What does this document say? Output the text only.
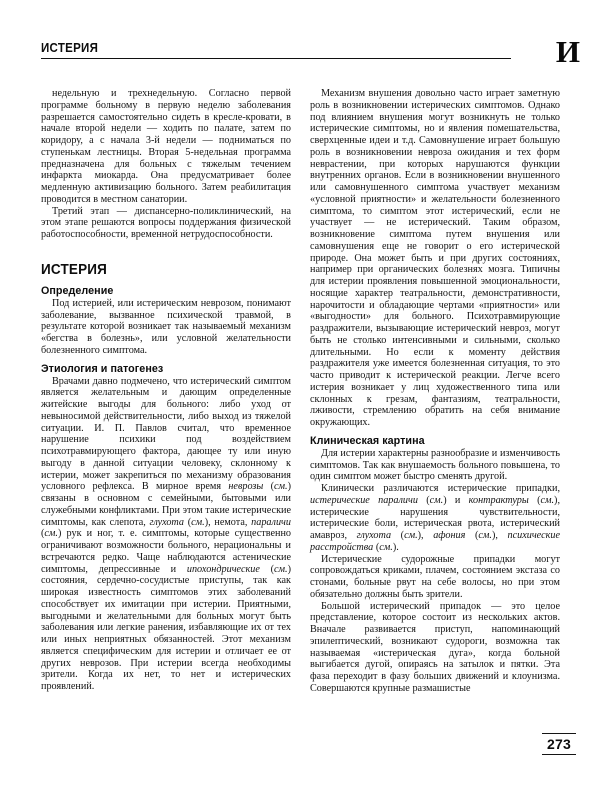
ИСТЕРИЯ	И

недельную и трехнедельную. Согласно первой программе больному в первую неделю заболевания разрешается самостоятельно сидеть в кресле-кровати, в начале второй недели — ходить по палате, затем по коридору, а с начала 3-й недели — подниматься по ступенькам лестницы. Вторая 5-недельная программа предназначена для больных с тяжелым течением инфаркта миокарда. Она предусматривает более медленную активизацию больного. Затем реабилитация проводится в местном санатории.

Третий этап — диспансерно-поликлинический, на этом этапе решаются вопросы поддержания физической работоспособности, временной нетрудоспособности.

ИСТЕРИЯ
Определение

Под истерией, или истерическим неврозом, понимают заболевание, вызванное психической травмой, в результате которой возникает так называемый механизм «бегства в болезнь», или условной желательности болезненного симптома.

Этиология и патогенез

Врачами давно подмечено, что истерический симптом является желательным и дающим определенные житейские выгоды для больного: либо уход от невыносимой действительности, либо выход из тяжелой ситуации. И. П. Павлов считал, что временное нарушение психики под воздействием психотравмирующего фактора, дающее ту или иную выгоду в данной ситуации человеку, склонному к истерии, может закрепиться по механизму образования условного рефлекса. В мирное время неврозы (см.) связаны в основном с семейными, бытовыми или служебными конфликтами. При этом такие истерические симптомы, как слепота, глухота (см.), немота, параличи (см.) рук и ног, т. е. симптомы, которые существенно ограничивают возможности больного, нерациональны и встречаются редко. Чаще наблюдаются астенические симптомы, депрессивные и ипохондрические (см.) состояния, сердечно-сосудистые приступы, так как широкая известность симптомов этих заболеваний способствует их имитации при истерии. Приятными, выгодными и желательными для больных могут быть заболевания или легкие ранения, избавляющие их от тех или иных неприятных обязанностей. Этот механизм является специфическим для истерии и отличает ее от других неврозов. При истерии всегда необходимы зрители. Когда их нет, то нет и истерических проявлений.

Механизм внушения довольно часто играет заметную роль в возникновении истерических симптомов. Однако под влиянием внушения могут возникнуть не только истерические симптомы, но и явления помешательства, сверхценные идеи и т.д. Самовнушение играет большую роль в возникновении невроза ожидания и тех форм неврастении, при которых нарушаются функции внутренних органов. Если в возникновении внушенного или самовнушенного симптома участвует механизм «условной приятности» и желательности болезненного симптома, то симптом этот истерический, если не участвует — не истерический. Таким образом, возникновение симптома путем внушения или самовнушения еще не говорит о его истерической природе. Она может быть и при других состояниях, например при органических болезнях мозга. Типичны для истерии проявления повышенной эмоциональности, носящие характер театральности, демонстративности, нарочитости и обладающие чертами «приятности» или «выгодности» для больного. Психотравмирующие раздражители, вызывающие истерический невроз, могут быть не столько интенсивными и сильными, сколько длительными. Но если к моменту действия раздражителя уже имеется болезненная ситуация, то это часто приводит к истерической реакции. Легче всего истерия возникает у лиц художественного типа или склонных к грезам, фантазиям, театральности, лживости, стремлению обратить на себя внимание окружающих.

Клиническая картина

Для истерии характерны разнообразие и изменчивость симптомов. Так как внушаемость больного повышена, то один симптом может быстро сменять другой.

Клинически различаются истерические припадки, истерические параличи (см.) и контрактуры (см.), истерические нарушения чувствительности, истерические боли, истерическая рвота, истерический амавроз, глухота (см.), афония (см.), психические расстройства (см.).

Истерические судорожные припадки могут сопровождаться криками, плачем, состоянием экстаза со стонами, больные рвут на себе волосы, но при этом обязательно должны быть зрители.

Большой истерический припадок — это целое представление, которое состоит из нескольких актов. Вначале развивается приступ, напоминающий эпилептический, возникают судороги, возможна так называемая «истерическая дуга», когда больной выгибается дугой, опираясь на затылок и пятки. Эта фаза переходит в фазу больших движений и клоунизма. Совершаются крупные размашистые

273
